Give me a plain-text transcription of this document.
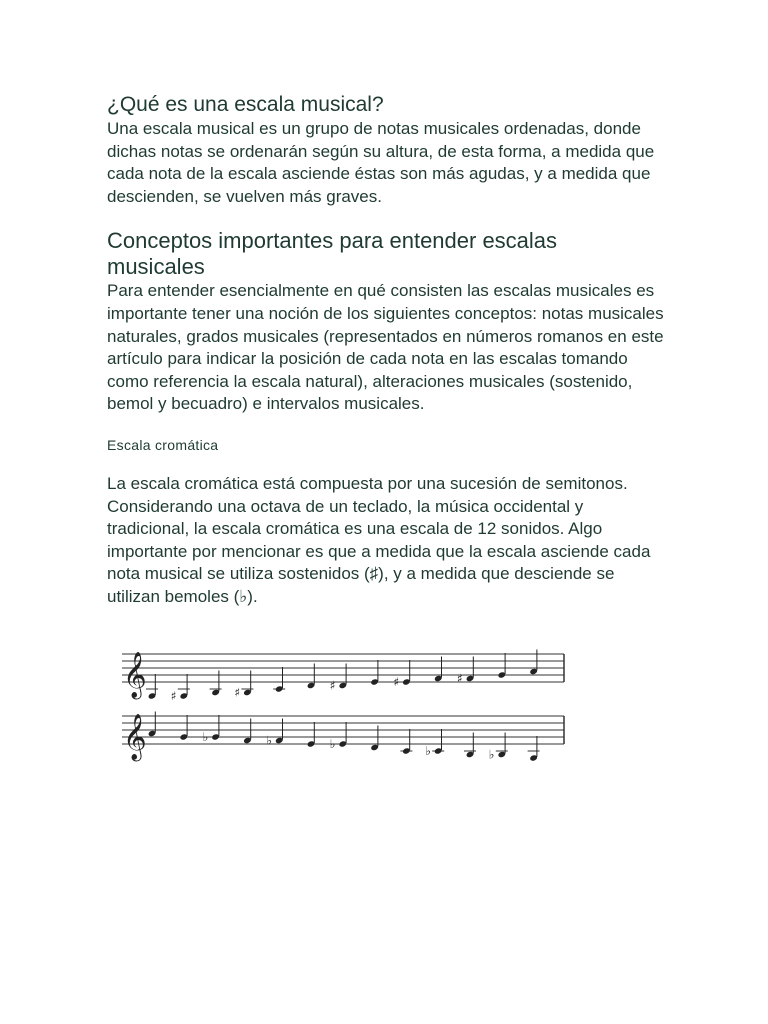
¿Qué es una escala musical?

Una escala musical es un grupo de notas musicales ordenadas, donde dichas notas se ordenarán según su altura, de esta forma, a medida que cada nota de la escala asciende éstas son más agudas, y a medida que descienden, se vuelven más graves.

Conceptos importantes para entender escalas musicales

Para entender esencialmente en qué consisten las escalas musicales es importante tener una noción de los siguientes conceptos: notas musicales naturales, grados musicales (representados en números romanos en este artículo para indicar la posición de cada nota en las escalas tomando como referencia la escala natural), alteraciones musicales (sostenido, bemol y becuadro) e intervalos musicales.

Escala cromática

La escala cromática está compuesta por una sucesión de semitonos. Considerando una octava de un teclado, la música occidental y tradicional, la escala cromática es una escala de 12 sonidos. Algo importante por mencionar es que a medida que la escala asciende cada nota musical se utiliza sostenidos (♯), y a medida que desciende se utilizan bemoles (♭).

𝄞 ♯	♯	♯	♯	♯
𝄞	♭	♭	♭	♭	♭
